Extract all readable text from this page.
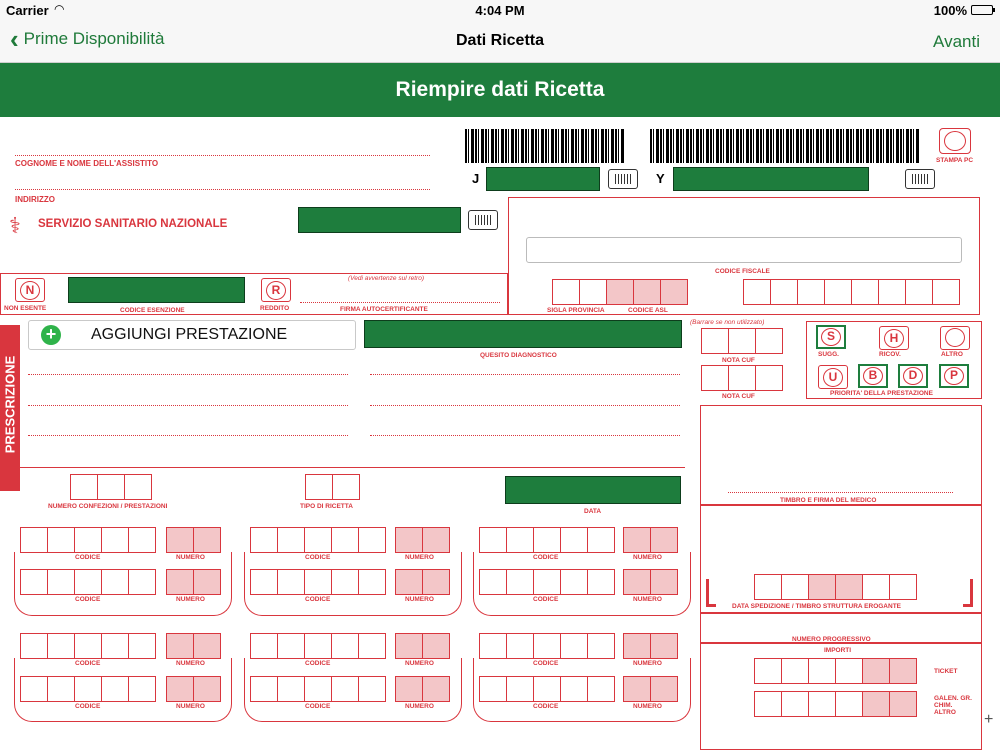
Carrier ◠	4:04 PM	100%
‹ Prime Disponibilità	Dati Ricetta	Avanti
Riempire dati Ricetta
COGNOME E NOME DELL'ASSISTITO
INDIRIZZO
⚕	SERVIZIO SANITARIO NAZIONALE
J	Y
STAMPA PC
CODICE FISCALE
SIGLA PROVINCIA	CODICE ASL
N
NON ESENTE	CODICE ESENZIONE
R
REDDITO
(Vedi avvertenze sul retro)
FIRMA AUTOCERTIFICANTE
PRESCRIZIONE
+ AGGIUNGI PRESTAZIONE
QUESITO DIAGNOSTICO
(Barrare se non utilizzato)
NOTA CUF
NOTA CUF
S
SUGG.
H
RICOV.	ALTRO
U	B	D	P
PRIORITA' DELLA PRESTAZIONE
NUMERO CONFEZIONI / PRESTAZIONI	TIPO DI RICETTA
DATA
TIMBRO E FIRMA DEL MEDICO
DATA SPEDIZIONE / TIMBRO STRUTTURA EROGANTE
NUMERO PROGRESSIVO
IMPORTI
TICKET
GALEN. GR. CHIM. ALTRO
CODICE	NUMERO
CODICE	NUMERO
CODICE	NUMERO
CODICE	NUMERO
CODICE	NUMERO
CODICE	NUMERO
CODICE	NUMERO
CODICE	NUMERO
CODICE	NUMERO
CODICE	NUMERO
CODICE	NUMERO
CODICE	NUMERO
+
